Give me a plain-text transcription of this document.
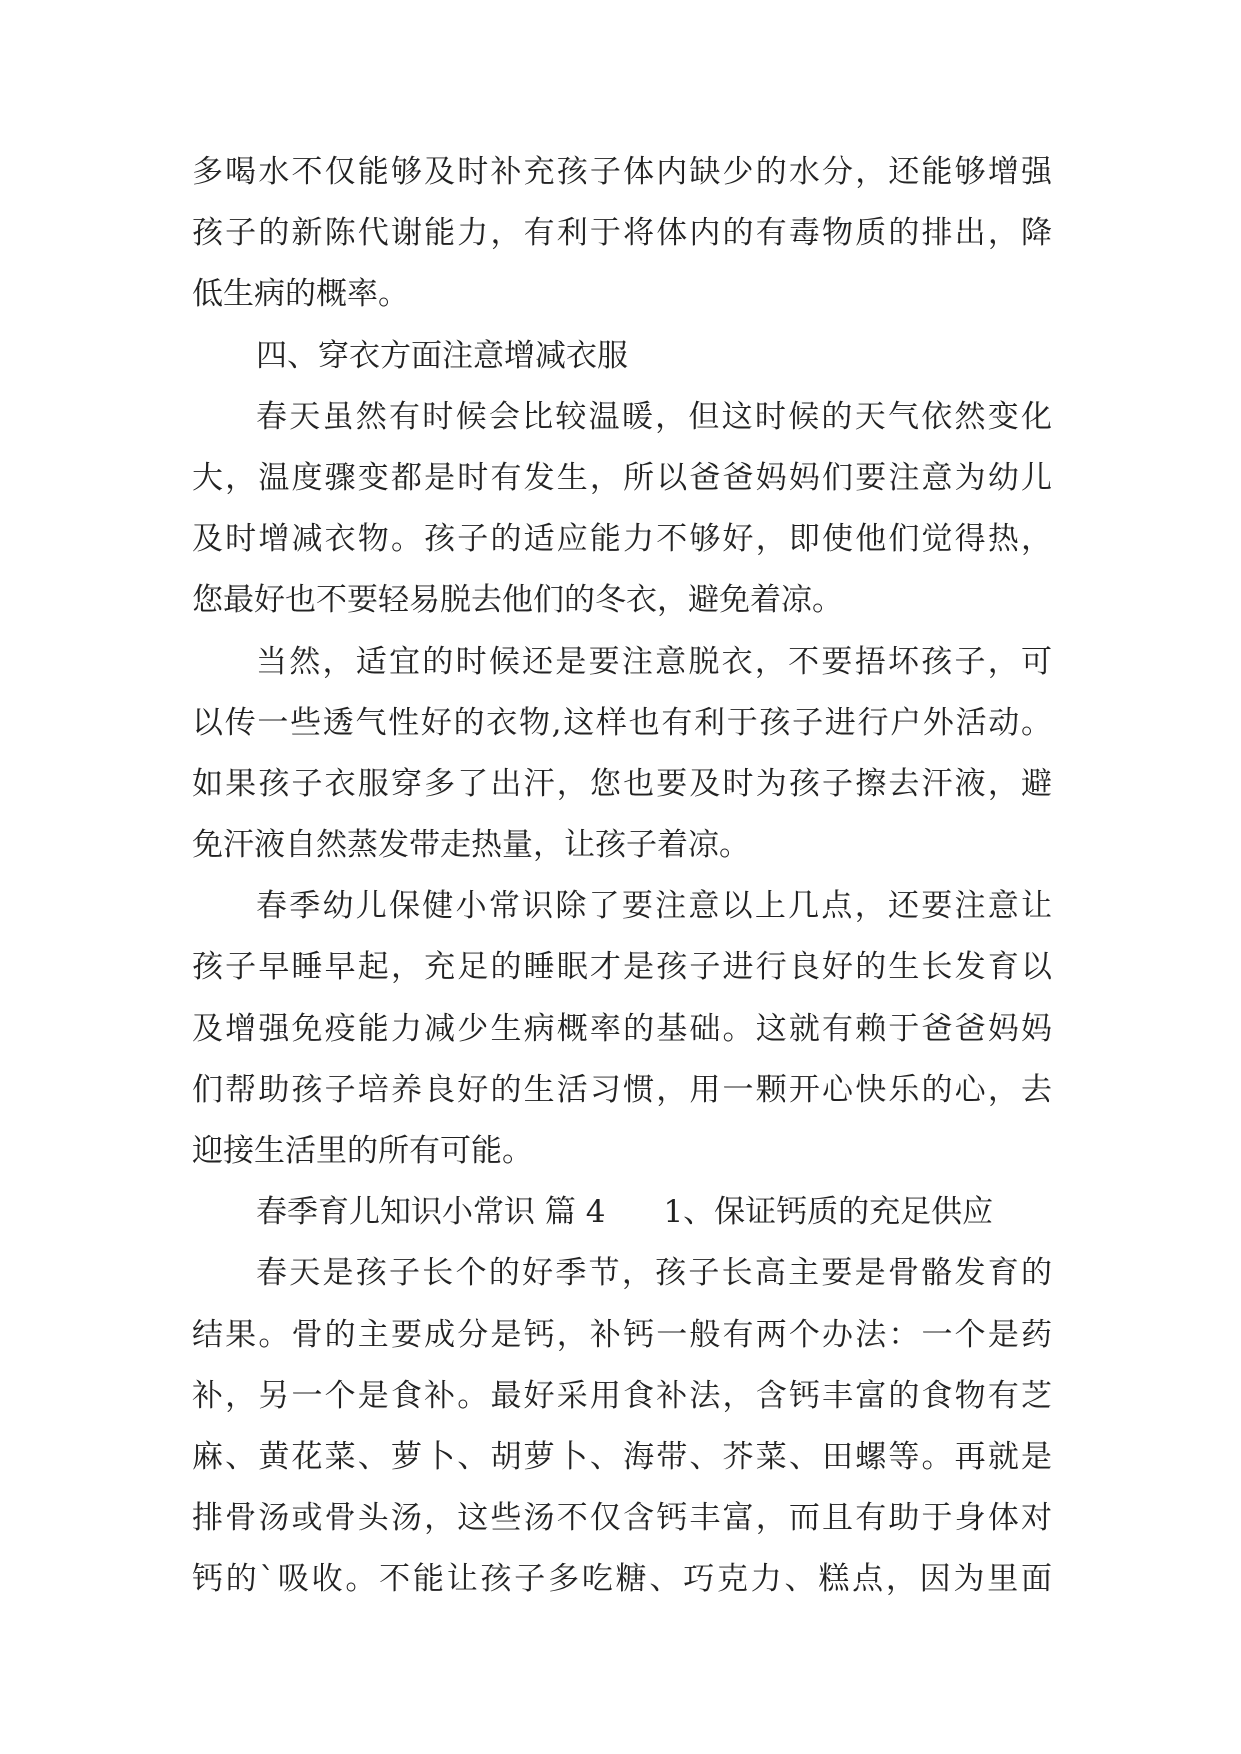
多喝水不仅能够及时补充孩子体内缺少的水分，还能够增强
孩子的新陈代谢能力，有利于将体内的有毒物质的排出，降
低生病的概率。
四、穿衣方面注意增减衣服
春天虽然有时候会比较温暖，但这时候的天气依然变化
大，温度骤变都是时有发生，所以爸爸妈妈们要注意为幼儿
及时增减衣物。孩子的适应能力不够好，即使他们觉得热，
您最好也不要轻易脱去他们的冬衣，避免着凉。
当然，适宜的时候还是要注意脱衣，不要捂坏孩子，可
以传一些透气性好的衣物,这样也有利于孩子进行户外活动。
如果孩子衣服穿多了出汗，您也要及时为孩子擦去汗液，避
免汗液自然蒸发带走热量，让孩子着凉。
春季幼儿保健小常识除了要注意以上几点，还要注意让
孩子早睡早起，充足的睡眠才是孩子进行良好的生长发育以
及增强免疫能力减少生病概率的基础。这就有赖于爸爸妈妈
们帮助孩子培养良好的生活习惯，用一颗开心快乐的心，去
迎接生活里的所有可能。
春季育儿知识小常识 篇 4 1、保证钙质的充足供应
春天是孩子长个的好季节，孩子长高主要是骨骼发育的
结果。骨的主要成分是钙，补钙一般有两个办法：一个是药
补，另一个是食补。最好采用食补法，含钙丰富的食物有芝
麻、黄花菜、萝卜、胡萝卜、海带、芥菜、田螺等。再就是
排骨汤或骨头汤，这些汤不仅含钙丰富，而且有助于身体对
钙的`吸收。不能让孩子多吃糖、巧克力、糕点，因为里面
